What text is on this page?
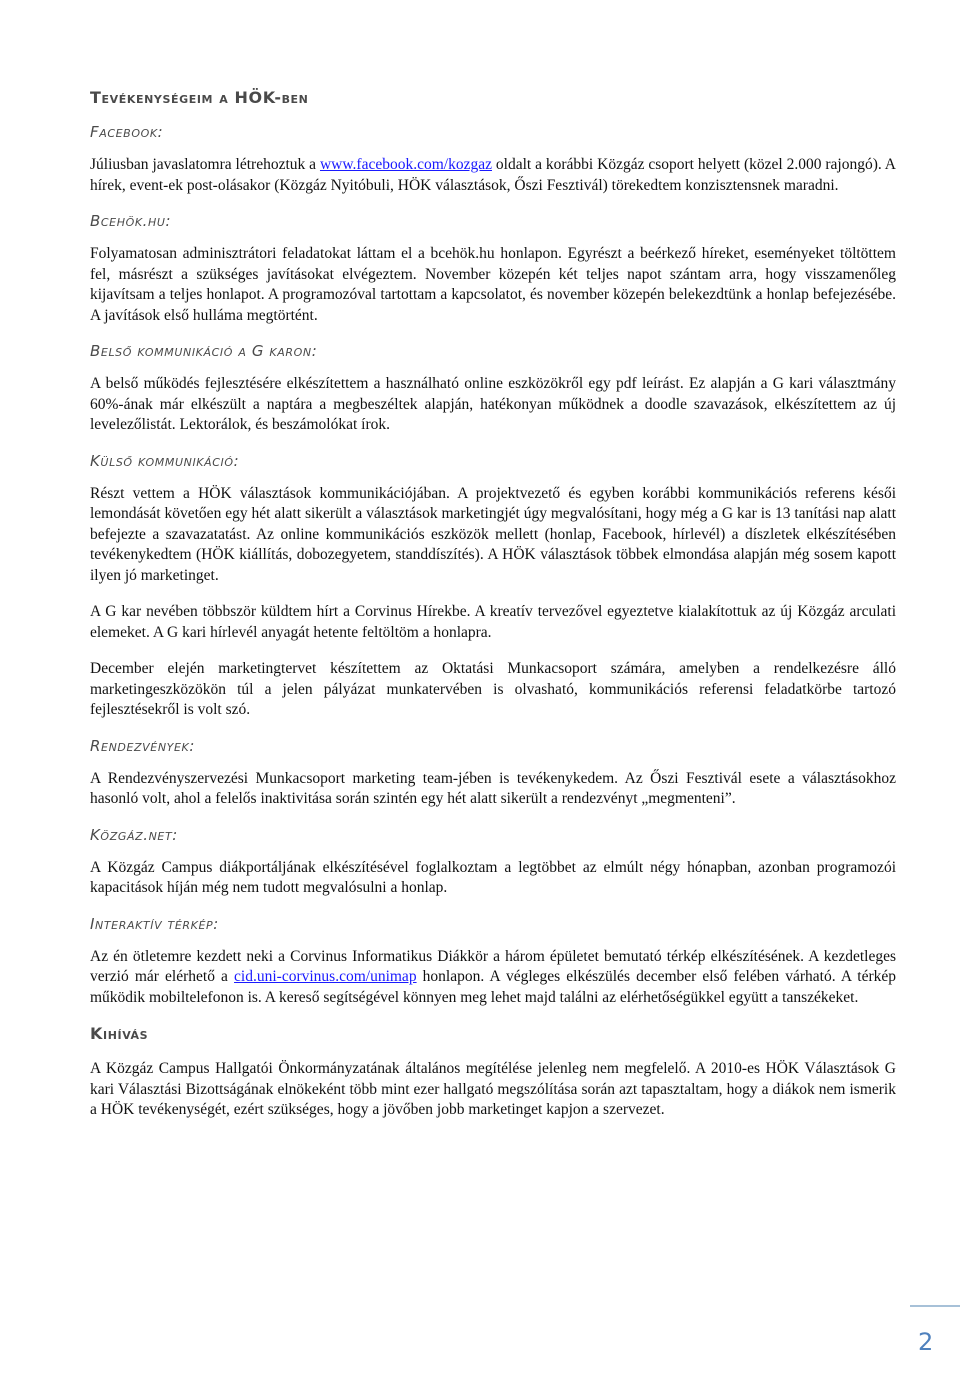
Tevékenységeim a HÖK-ben
Facebook:

Júliusban javaslatomra létrehoztuk a www.facebook.com/kozgaz oldalt a korábbi Közgáz csoport helyett (közel 2.000 rajongó). A hírek, event-ek post-olásakor (Közgáz Nyitóbuli, HÖK választások, Őszi Fesztivál) törekedtem konzisztensnek maradni.

Bcehök.hu:

Folyamatosan adminisztrátori feladatokat láttam el a bcehök.hu honlapon. Egyrészt a beérkező híreket, eseményeket töltöttem fel, másrészt a szükséges javításokat elvégeztem. November közepén két teljes napot szántam arra, hogy visszamenőleg kijavítsam a teljes honlapot. A programozóval tartottam a kapcsolatot, és november közepén belekezdtünk a honlap befejezésébe. A javítások első hulláma megtörtént.

Belső kommunikáció a G karon:

A belső működés fejlesztésére elkészítettem a használható online eszközökről egy pdf leírást. Ez alapján a G kari választmány 60%-ának már elkészült a naptára a megbeszéltek alapján, hatékonyan működnek a doodle szavazások, elkészítettem az új levelezőlistát. Lektorálok, és beszámolókat írok.

Külső kommunikáció:

Részt vettem a HÖK választások kommunikációjában. A projektvezető és egyben korábbi kommunikációs referens késői lemondását követően egy hét alatt sikerült a választások marketingjét úgy megvalósítani, hogy még a G kar is 13 tanítási nap alatt befejezte a szavazatatást. Az online kommunikációs eszközök mellett (honlap, Facebook, hírlevél) a díszletek elkészítésében tevékenykedtem (HÖK kiállítás, dobozegyetem, standdíszítés). A HÖK választások többek elmondása alapján még sosem kapott ilyen jó marketinget.

A G kar nevében többször küldtem hírt a Corvinus Hírekbe. A kreatív tervezővel egyeztetve kialakítottuk az új Közgáz arculati elemeket. A G kari hírlevél anyagát hetente feltöltöm a honlapra.

December elején marketingtervet készítettem az Oktatási Munkacsoport számára, amelyben a rendelkezésre álló marketingeszközökön túl a jelen pályázat munkatervében is olvasható, kommunikációs referensi feladatkörbe tartozó fejlesztésekről is volt szó.

Rendezvények:

A Rendezvényszervezési Munkacsoport marketing team-jében is tevékenykedem. Az Őszi Fesztivál esete a választásokhoz hasonló volt, ahol a felelős inaktivitása során szintén egy hét alatt sikerült a rendezvényt „megmenteni”.

Közgáz.net:

A Közgáz Campus diákportáljának elkészítésével foglalkoztam a legtöbbet az elmúlt négy hónapban, azonban programozói kapacitások híján még nem tudott megvalósulni a honlap.

Interaktív térkép:

Az én ötletemre kezdett neki a Corvinus Informatikus Diákkör a három épületet bemutató térkép elkészítésének. A kezdetleges verzió már elérhető a cid.uni-corvinus.com/unimap honlapon. A végleges elkészülés december első felében várható. A térkép működik mobiltelefonon is. A kereső segítségével könnyen meg lehet majd találni az elérhetőségükkel együtt a tanszékeket.

Kihívás

A Közgáz Campus Hallgatói Önkormányzatának általános megítélése jelenleg nem megfelelő. A 2010-es HÖK Választások G kari Választási Bizottságának elnökeként több mint ezer hallgató megszólítása során azt tapasztaltam, hogy a diákok nem ismerik a HÖK tevékenységét, ezért szükséges, hogy a jövőben jobb marketinget kapjon a szervezet.

2
